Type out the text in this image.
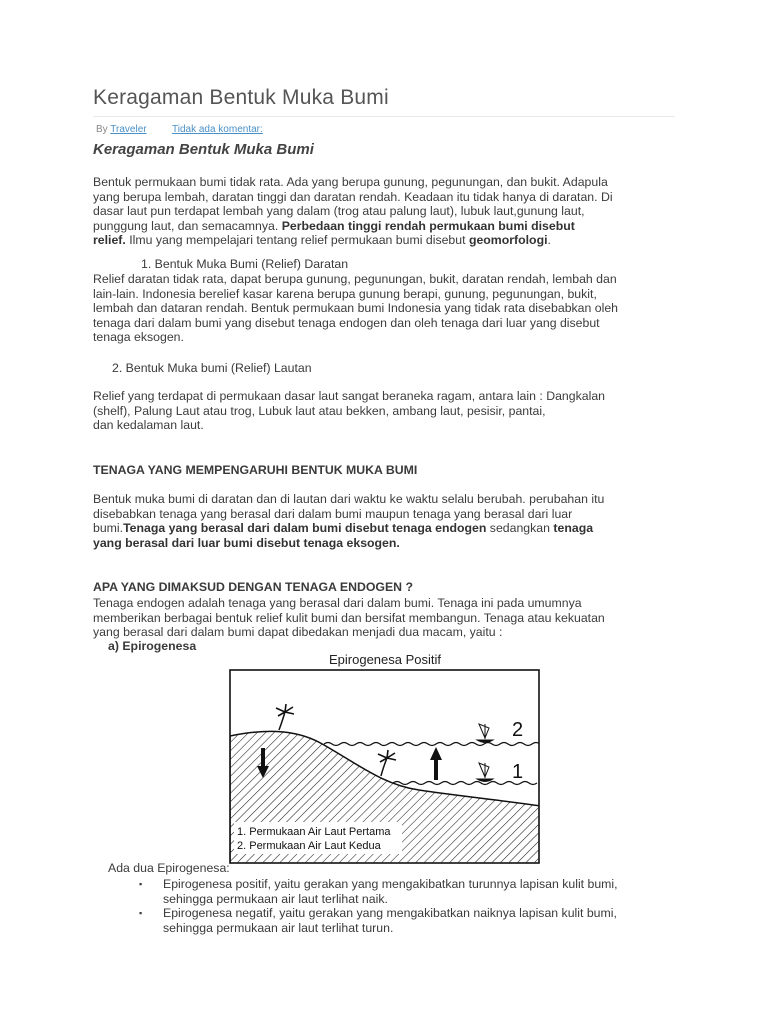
Keragaman Bentuk Muka Bumi
By Traveler	Tidak ada komentar:
Keragaman Bentuk Muka Bumi

Bentuk permukaan bumi tidak rata. Ada yang berupa gunung, pegunungan, dan bukit. Adapula

yang berupa lembah, daratan tinggi dan daratan rendah. Keadaan itu tidak hanya di daratan. Di

dasar laut pun terdapat lembah yang dalam (trog atau palung laut), lubuk laut,gunung laut,

punggung laut, dan semacamnya. Perbedaan tinggi rendah permukaan bumi disebut

relief. Ilmu yang mempelajari tentang relief permukaan bumi disebut geomorfologi.

1. Bentuk Muka Bumi (Relief) Daratan

Relief daratan tidak rata, dapat berupa gunung, pegunungan, bukit, daratan rendah, lembah dan

lain-lain. Indonesia berelief kasar karena berupa gunung berapi, gunung, pegunungan, bukit,

lembah dan dataran rendah. Bentuk permukaan bumi Indonesia yang tidak rata disebabkan oleh

tenaga dari dalam bumi yang disebut tenaga endogen dan oleh tenaga dari luar yang disebut

tenaga eksogen.

2. Bentuk Muka bumi (Relief) Lautan

Relief yang terdapat di permukaan dasar laut sangat beraneka ragam, antara lain : Dangkalan

(shelf), Palung Laut atau trog, Lubuk laut atau bekken, ambang laut, pesisir, pantai,

dan kedalaman laut.

TENAGA YANG MEMPENGARUHI BENTUK MUKA BUMI

Bentuk muka bumi di daratan dan di lautan dari waktu ke waktu selalu berubah. perubahan itu

disebabkan tenaga yang berasal dari dalam bumi maupun tenaga yang berasal dari luar

bumi.Tenaga yang berasal dari dalam bumi disebut tenaga endogen sedangkan tenaga

yang berasal dari luar bumi disebut tenaga eksogen.

APA YANG DIMAKSUD DENGAN TENAGA ENDOGEN ?

Tenaga endogen adalah tenaga yang berasal dari dalam bumi. Tenaga ini pada umumnya

memberikan berbagai bentuk relief kulit bumi dan bersifat membangun. Tenaga atau kekuatan

yang berasal dari dalam bumi dapat dibedakan menjadi dua macam, yaitu :

a) Epirogenesa
Epirogenesa Positif
2
1
1. Permukaan Air Laut Pertama
2. Permukaan Air Laut Kedua
Ada dua Epirogenesa:
▪ Epirogenesa positif, yaitu gerakan yang mengakibatkan turunnya lapisan kulit bumi,
sehingga permukaan air laut terlihat naik.
▪ Epirogenesa negatif, yaitu gerakan yang mengakibatkan naiknya lapisan kulit bumi,
sehingga permukaan air laut terlihat turun.
